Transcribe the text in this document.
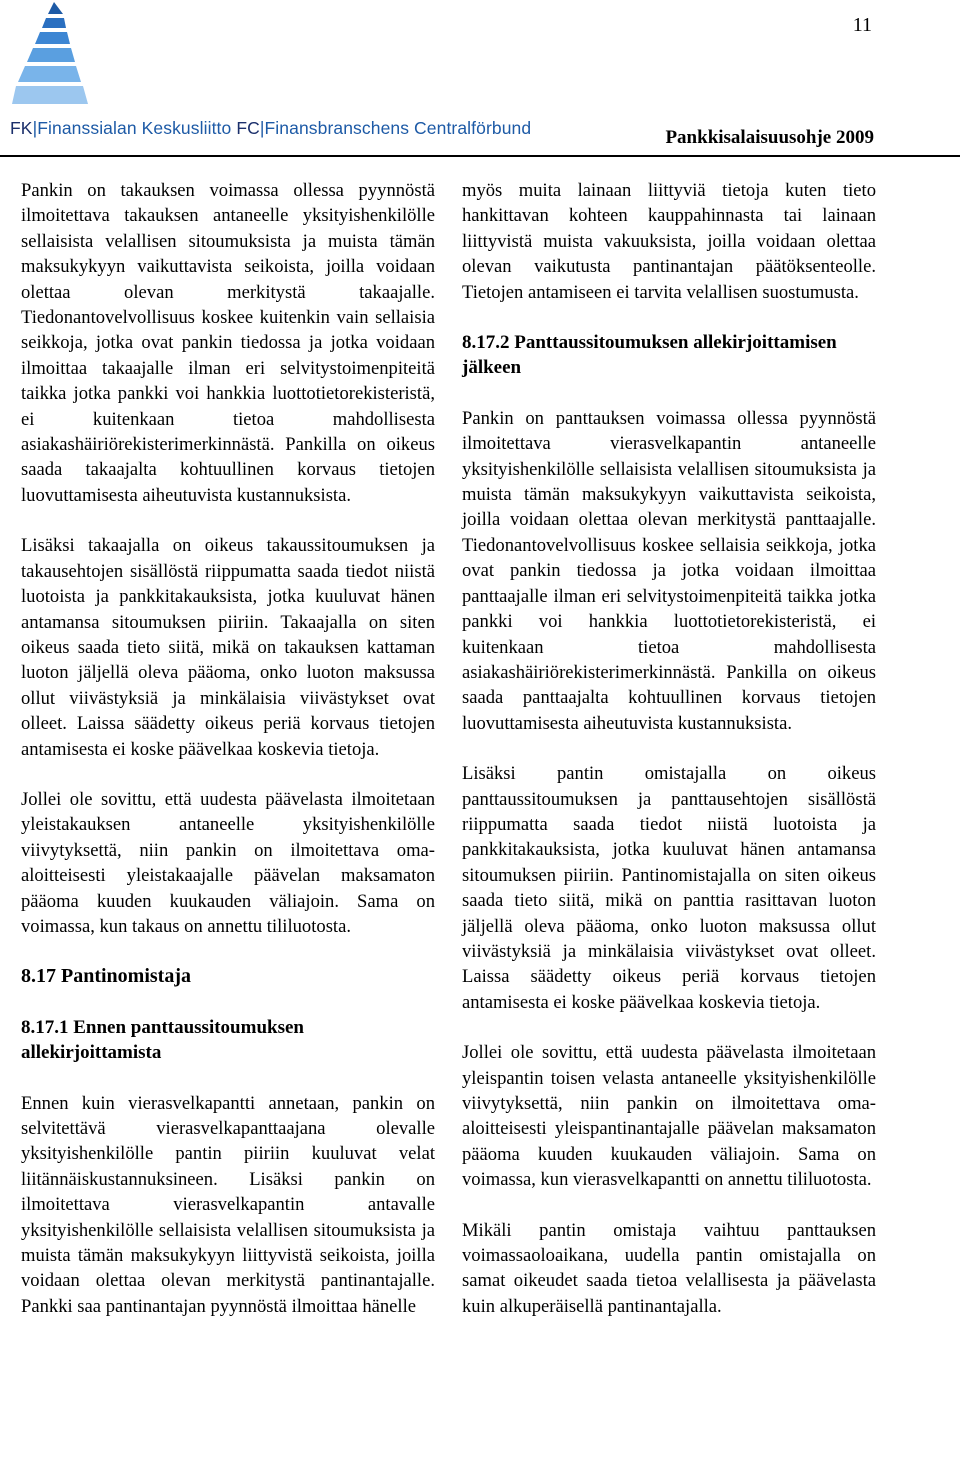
FK|Finanssialan Keskusliitto FC|Finansbranschens Centralförbund
11
Pankkisalaisuusohje 2009

Pankin on takauksen voimassa ollessa pyynnöstä ilmoitettava takauksen antaneelle yksityishenkilölle sellaisista velallisen sitoumuksista ja muista tämän maksukykyyn vaikuttavista seikoista, joilla voidaan olettaa olevan merkitystä takaajalle. Tiedonantovelvollisuus koskee kuitenkin vain sellaisia seikkoja, jotka ovat pankin tiedossa ja jotka voidaan ilmoittaa takaajalle ilman eri selvitystoimenpiteitä taikka jotka pankki voi hankkia luottotietorekisteristä, ei kuitenkaan tietoa mahdollisesta asiakashäiriörekisterimerkinnästä. Pankilla on oikeus saada takaajalta kohtuullinen korvaus tietojen luovuttamisesta aiheutuvista kustannuksista.

Lisäksi takaajalla on oikeus takaussitoumuksen ja takausehtojen sisällöstä riippumatta saada tiedot niistä luotoista ja pankkitakauksista, jotka kuuluvat hänen antamansa sitoumuksen piiriin. Takaajalla on siten oikeus saada tieto siitä, mikä on takauksen kattaman luoton jäljellä oleva pääoma, onko luoton maksussa ollut viivästyksiä ja minkälaisia viivästykset ovat olleet. Laissa säädetty oikeus periä korvaus tietojen antamisesta ei koske päävelkaa koskevia tietoja.

Jollei ole sovittu, että uudesta päävelasta ilmoitetaan yleistakauksen antaneelle yksityishenkilölle viivytyksettä, niin pankin on ilmoitettava oma-aloitteisesti yleistakaajalle päävelan maksamaton pääoma kuuden kuukauden väliajoin. Sama on voimassa, kun takaus on annettu tililuotosta.

8.17 Pantinomistaja
8.17.1 Ennen panttaussitoumuksen allekirjoittamista

Ennen kuin vierasvelkapantti annetaan, pankin on selvitettävä vierasvelkapanttaajana olevalle yksityishenkilölle pantin piiriin kuuluvat velat liitännäiskustannuksineen. Lisäksi pankin on ilmoitettava vierasvelkapantin antavalle yksityishenkilölle sellaisista velallisen sitoumuksista ja muista tämän maksukykyyn liittyvistä seikoista, joilla voidaan olettaa olevan merkitystä pantinantajalle. Pankki saa pantinantajan pyynnöstä ilmoittaa hänelle

myös muita lainaan liittyviä tietoja kuten tieto hankittavan kohteen kauppahinnasta tai lainaan liittyvistä muista vakuuksista, joilla voidaan olettaa olevan vaikutusta pantinantajan päätöksenteolle. Tietojen antamiseen ei tarvita velallisen suostumusta.

8.17.2 Panttaussitoumuksen allekirjoittamisen jälkeen

Pankin on panttauksen voimassa ollessa pyynnöstä ilmoitettava vierasvelkapantin antaneelle yksityishenkilölle sellaisista velallisen sitoumuksista ja muista tämän maksukykyyn vaikuttavista seikoista, joilla voidaan olettaa olevan merkitystä panttaajalle. Tiedonantovelvollisuus koskee sellaisia seikkoja, jotka ovat pankin tiedossa ja jotka voidaan ilmoittaa panttaajalle ilman eri selvitystoimenpiteitä taikka jotka pankki voi hankkia luottotietorekisteristä, ei kuitenkaan tietoa mahdollisesta asiakashäiriörekisterimerkinnästä. Pankilla on oikeus saada panttaajalta kohtuullinen korvaus tietojen luovuttamisesta aiheutuvista kustannuksista.

Lisäksi pantin omistajalla on oikeus panttaussitoumuksen ja panttausehtojen sisällöstä riippumatta saada tiedot niistä luotoista ja pankkitakauksista, jotka kuuluvat hänen antamansa sitoumuksen piiriin. Pantinomistajalla on siten oikeus saada tieto siitä, mikä on panttia rasittavan luoton jäljellä oleva pääoma, onko luoton maksussa ollut viivästyksiä ja minkälaisia viivästykset ovat olleet. Laissa säädetty oikeus periä korvaus tietojen antamisesta ei koske päävelkaa koskevia tietoja.

Jollei ole sovittu, että uudesta päävelasta ilmoitetaan yleispantin toisen velasta antaneelle yksityishenkilölle viivytyksettä, niin pankin on ilmoitettava oma-aloitteisesti yleispantinantajalle päävelan maksamaton pääoma kuuden kuukauden väliajoin. Sama on voimassa, kun vierasvelkapantti on annettu tililuotosta.

Mikäli pantin omistaja vaihtuu panttauksen voimassaoloaikana, uudella pantin omistajalla on samat oikeudet saada tietoa velallisesta ja päävelasta kuin alkuperäisellä pantinantajalla.
